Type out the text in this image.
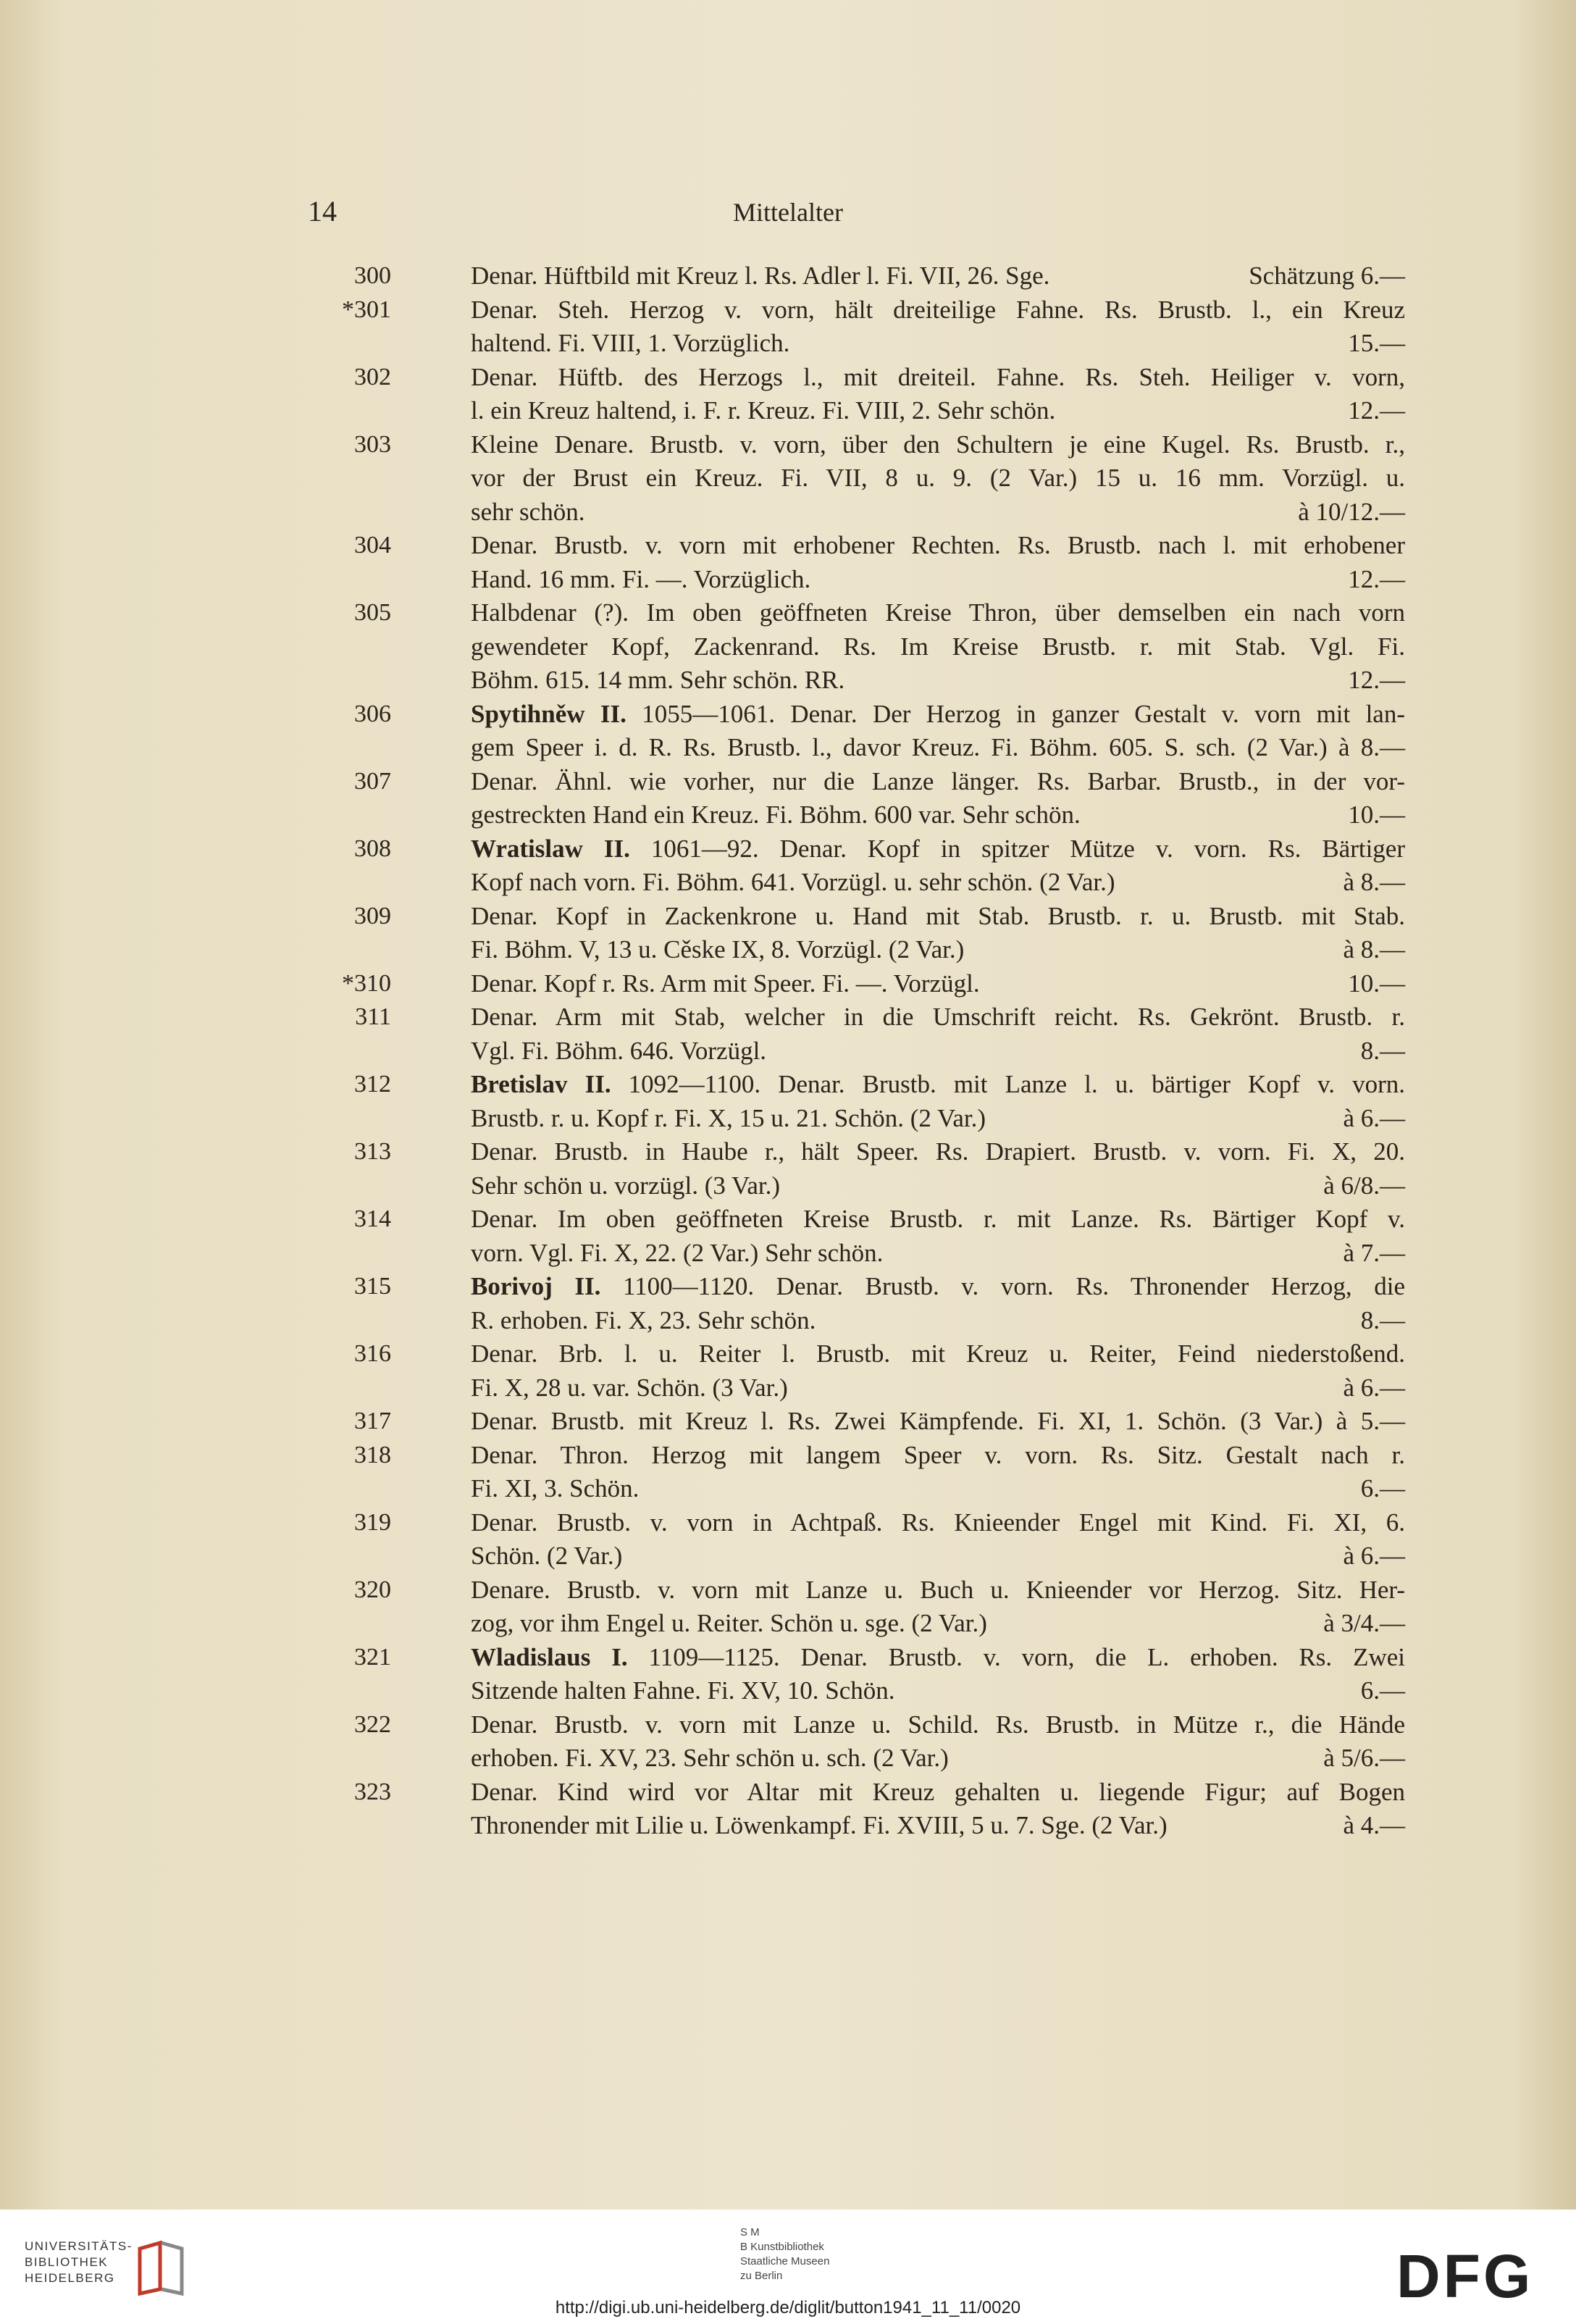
14	Mittelalter
300	Denar. Hüftbild mit Kreuz l. Rs. Adler l. Fi. VII, 26. Sge.	Schätzung 6.—
*301	Denar. Steh. Herzog v. vorn, hält dreiteilige Fahne. Rs. Brustb. l., ein Kreuz
haltend. Fi. VIII, 1. Vorzüglich.	15.—
302	Denar. Hüftb. des Herzogs l., mit dreiteil. Fahne. Rs. Steh. Heiliger v. vorn,
l. ein Kreuz haltend, i. F. r. Kreuz. Fi. VIII, 2. Sehr schön.	12.—
303	Kleine Denare. Brustb. v. vorn, über den Schultern je eine Kugel. Rs. Brustb. r.,
vor der Brust ein Kreuz. Fi. VII, 8 u. 9. (2 Var.) 15 u. 16 mm. Vorzügl. u.
sehr schön.	à 10/12.—
304	Denar. Brustb. v. vorn mit erhobener Rechten. Rs. Brustb. nach l. mit erhobener
Hand. 16 mm. Fi. —. Vorzüglich.	12.—
305	Halbdenar (?). Im oben geöffneten Kreise Thron, über demselben ein nach vorn
gewendeter Kopf, Zackenrand. Rs. Im Kreise Brustb. r. mit Stab. Vgl. Fi.
Böhm. 615. 14 mm. Sehr schön. RR.	12.—
306	Spytihněw II. 1055—1061. Denar. Der Herzog in ganzer Gestalt v. vorn mit lan-
gem Speer i. d. R. Rs. Brustb. l., davor Kreuz. Fi. Böhm. 605. S. sch. (2 Var.) à 8.—
307	Denar. Ähnl. wie vorher, nur die Lanze länger. Rs. Barbar. Brustb., in der vor-
gestreckten Hand ein Kreuz. Fi. Böhm. 600 var. Sehr schön.	10.—
308	Wratislaw II. 1061—92. Denar. Kopf in spitzer Mütze v. vorn. Rs. Bärtiger
Kopf nach vorn. Fi. Böhm. 641. Vorzügl. u. sehr schön. (2 Var.)	à 8.—
309	Denar. Kopf in Zackenkrone u. Hand mit Stab. Brustb. r. u. Brustb. mit Stab.
Fi. Böhm. V, 13 u. Cěske IX, 8. Vorzügl. (2 Var.)	à 8.—
*310	Denar. Kopf r. Rs. Arm mit Speer. Fi. —. Vorzügl.	10.—
311	Denar. Arm mit Stab, welcher in die Umschrift reicht. Rs. Gekrönt. Brustb. r.
Vgl. Fi. Böhm. 646. Vorzügl.	8.—
312	Bretislav II. 1092—1100. Denar. Brustb. mit Lanze l. u. bärtiger Kopf v. vorn.
Brustb. r. u. Kopf r. Fi. X, 15 u. 21. Schön. (2 Var.)	à 6.—
313	Denar. Brustb. in Haube r., hält Speer. Rs. Drapiert. Brustb. v. vorn. Fi. X, 20.
Sehr schön u. vorzügl. (3 Var.)	à 6/8.—
314	Denar. Im oben geöffneten Kreise Brustb. r. mit Lanze. Rs. Bärtiger Kopf v.
vorn. Vgl. Fi. X, 22. (2 Var.) Sehr schön.	à 7.—
315	Borivoj II. 1100—1120. Denar. Brustb. v. vorn. Rs. Thronender Herzog, die
R. erhoben. Fi. X, 23. Sehr schön.	8.—
316	Denar. Brb. l. u. Reiter l. Brustb. mit Kreuz u. Reiter, Feind niederstoßend.
Fi. X, 28 u. var. Schön. (3 Var.)	à 6.—
317	Denar. Brustb. mit Kreuz l. Rs. Zwei Kämpfende. Fi. XI, 1. Schön. (3 Var.) à 5.—
318	Denar. Thron. Herzog mit langem Speer v. vorn. Rs. Sitz. Gestalt nach r.
Fi. XI, 3. Schön.	6.—
319	Denar. Brustb. v. vorn in Achtpaß. Rs. Knieender Engel mit Kind. Fi. XI, 6.
Schön. (2 Var.)	à 6.—
320	Denare. Brustb. v. vorn mit Lanze u. Buch u. Knieender vor Herzog. Sitz. Her-
zog, vor ihm Engel u. Reiter. Schön u. sge. (2 Var.)	à 3/4.—
321	Wladislaus I. 1109—1125. Denar. Brustb. v. vorn, die L. erhoben. Rs. Zwei
Sitzende halten Fahne. Fi. XV, 10. Schön.	6.—
322	Denar. Brustb. v. vorn mit Lanze u. Schild. Rs. Brustb. in Mütze r., die Hände
erhoben. Fi. XV, 23. Sehr schön u. sch. (2 Var.)	à 5/6.—
323	Denar. Kind wird vor Altar mit Kreuz gehalten u. liegende Figur; auf Bogen
Thronender mit Lilie u. Löwenkampf. Fi. XVIII, 5 u. 7. Sge. (2 Var.)	à 4.—
UNIVERSITÄTS-
BIBLIOTHEK
HEIDELBERG
S M
B Kunstbibliothek
Staatliche Museen
zu Berlin	DFG
http://digi.ub.uni-heidelberg.de/diglit/button1941_11_11/0020
